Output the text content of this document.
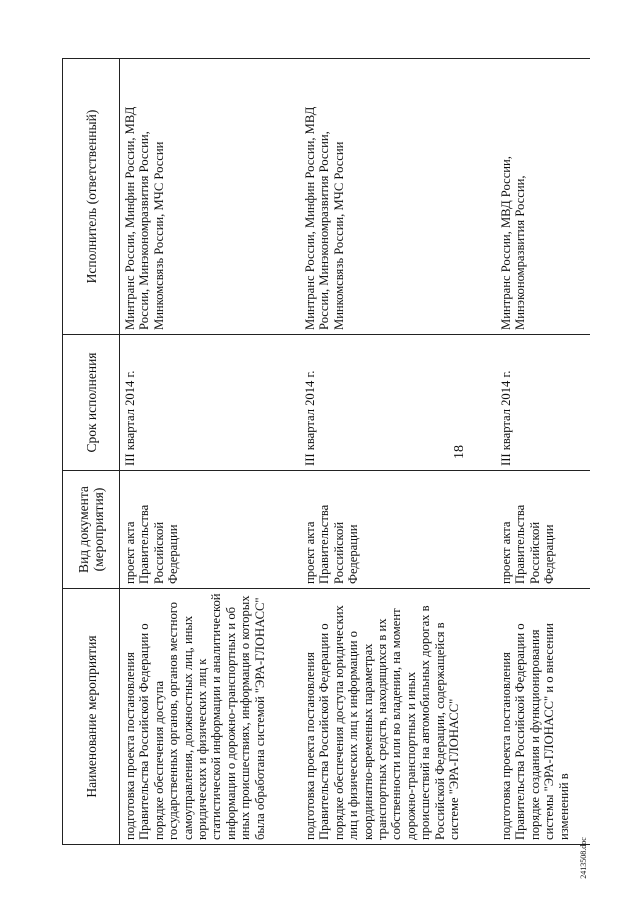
18
Наименование мероприятия	Вид документа (мероприятия)	Срок исполнения	Исполнитель (ответственный)
подготовка проекта постановления Правительства Российской Федерации о порядке обеспечения доступа государственных органов, органов местного самоуправления, должностных лиц, иных юридических и физических лиц к статистической информации и аналитической информации о дорожно-транспортных и об иных происшествиях, информация о которых была обработана системой "ЭРА-ГЛОНАСС"	проект акта Правительства Российской Федерации	III квартал 2014 г.	Минтранс России, Минфин России, МВД России, Минэкономразвития России, Минкомсвязь России, МЧС России
подготовка проекта постановления Правительства Российской Федерации о порядке обеспечения доступа юридических лиц и физических лиц к информации о координатно-временных параметрах транспортных средств, находящихся в их собственности или во владении, на момент дорожно-транспортных и иных происшествий на автомобильных дорогах в Российской Федерации, содержащейся в системе "ЭРА-ГЛОНАСС"	проект акта Правительства Российской Федерации	III квартал 2014 г.	Минтранс России, Минфин России, МВД России, Минэкономразвития России, Минкомсвязь России, МЧС России
подготовка проекта постановления Правительства Российской Федерации о порядке создания и функционирования системы "ЭРА-ГЛОНАСС" и о внесении изменений в	проект акта Правительства Российской Федерации	III квартал 2014 г.	Минтранс России, МВД России, Минэкономразвития России,
2413508.doc
